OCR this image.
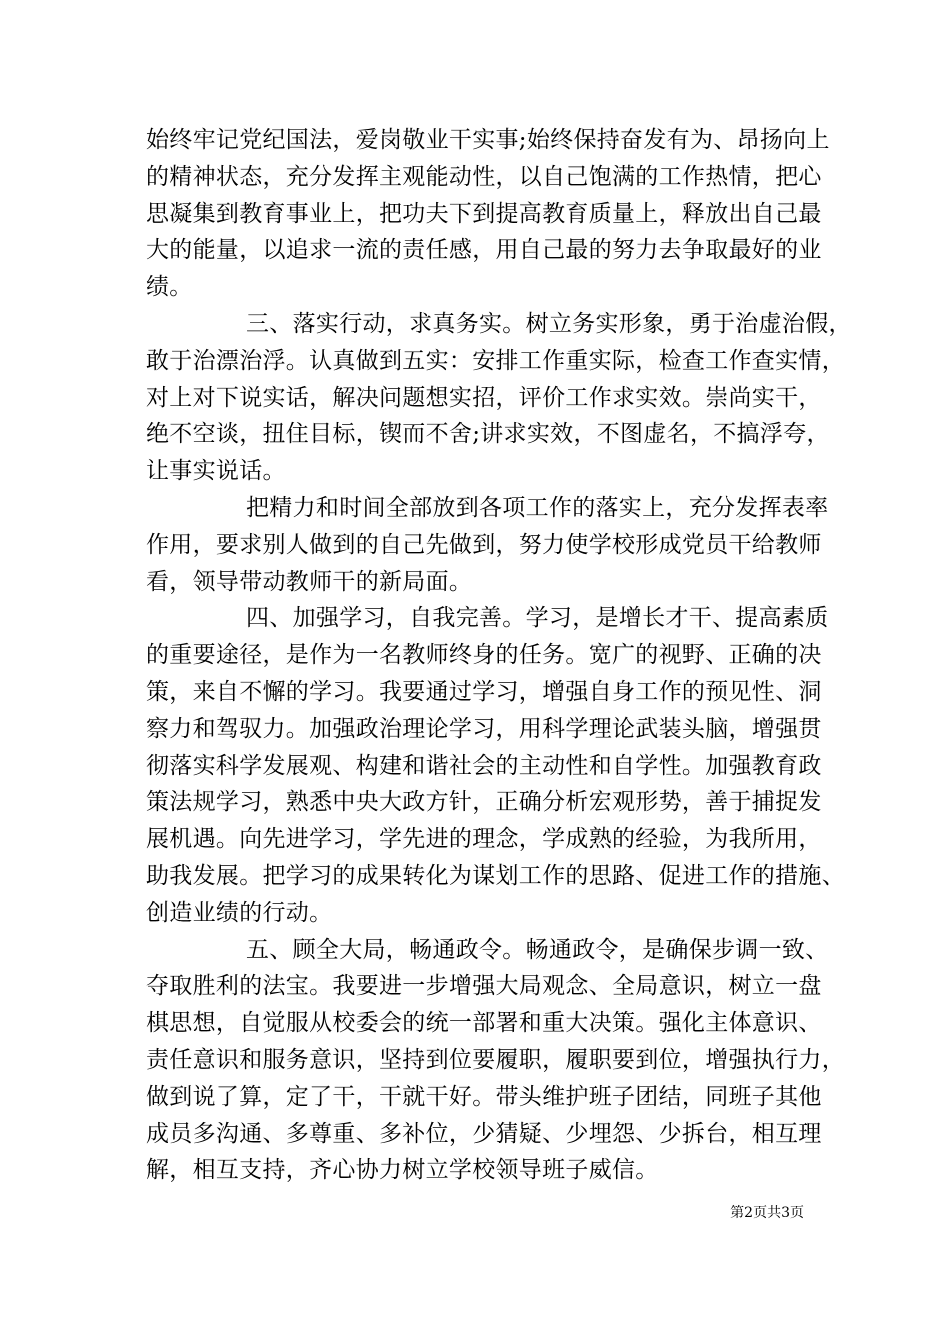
始终牢记党纪国法，爱岗敬业干实事;始终保持奋发有为、昂扬向上
的精神状态，充分发挥主观能动性，以自己饱满的工作热情，把心
思凝集到教育事业上，把功夫下到提高教育质量上，释放出自己最
大的能量，以追求一流的责任感，用自己最的努力去争取最好的业
绩。
三、落实行动，求真务实。树立务实形象，勇于治虚治假，
敢于治漂治浮。认真做到五实：安排工作重实际，检查工作查实情，
对上对下说实话，解决问题想实招，评价工作求实效。崇尚实干，
绝不空谈，扭住目标，锲而不舍;讲求实效，不图虚名，不搞浮夸，
让事实说话。
把精力和时间全部放到各项工作的落实上，充分发挥表率
作用，要求别人做到的自己先做到，努力使学校形成党员干给教师
看，领导带动教师干的新局面。
四、加强学习，自我完善。学习，是增长才干、提高素质
的重要途径，是作为一名教师终身的任务。宽广的视野、正确的决
策，来自不懈的学习。我要通过学习，增强自身工作的预见性、洞
察力和驾驭力。加强政治理论学习，用科学理论武装头脑，增强贯
彻落实科学发展观、构建和谐社会的主动性和自学性。加强教育政
策法规学习，熟悉中央大政方针，正确分析宏观形势，善于捕捉发
展机遇。向先进学习，学先进的理念，学成熟的经验，为我所用，
助我发展。把学习的成果转化为谋划工作的思路、促进工作的措施、
创造业绩的行动。
五、顾全大局，畅通政令。畅通政令，是确保步调一致、
夺取胜利的法宝。我要进一步增强大局观念、全局意识，树立一盘
棋思想，自觉服从校委会的统一部署和重大决策。强化主体意识、
责任意识和服务意识，坚持到位要履职，履职要到位，增强执行力，
做到说了算，定了干，干就干好。带头维护班子团结，同班子其他
成员多沟通、多尊重、多补位，少猜疑、少埋怨、少拆台，相互理
解，相互支持，齐心协力树立学校领导班子威信。
第2页共3页
